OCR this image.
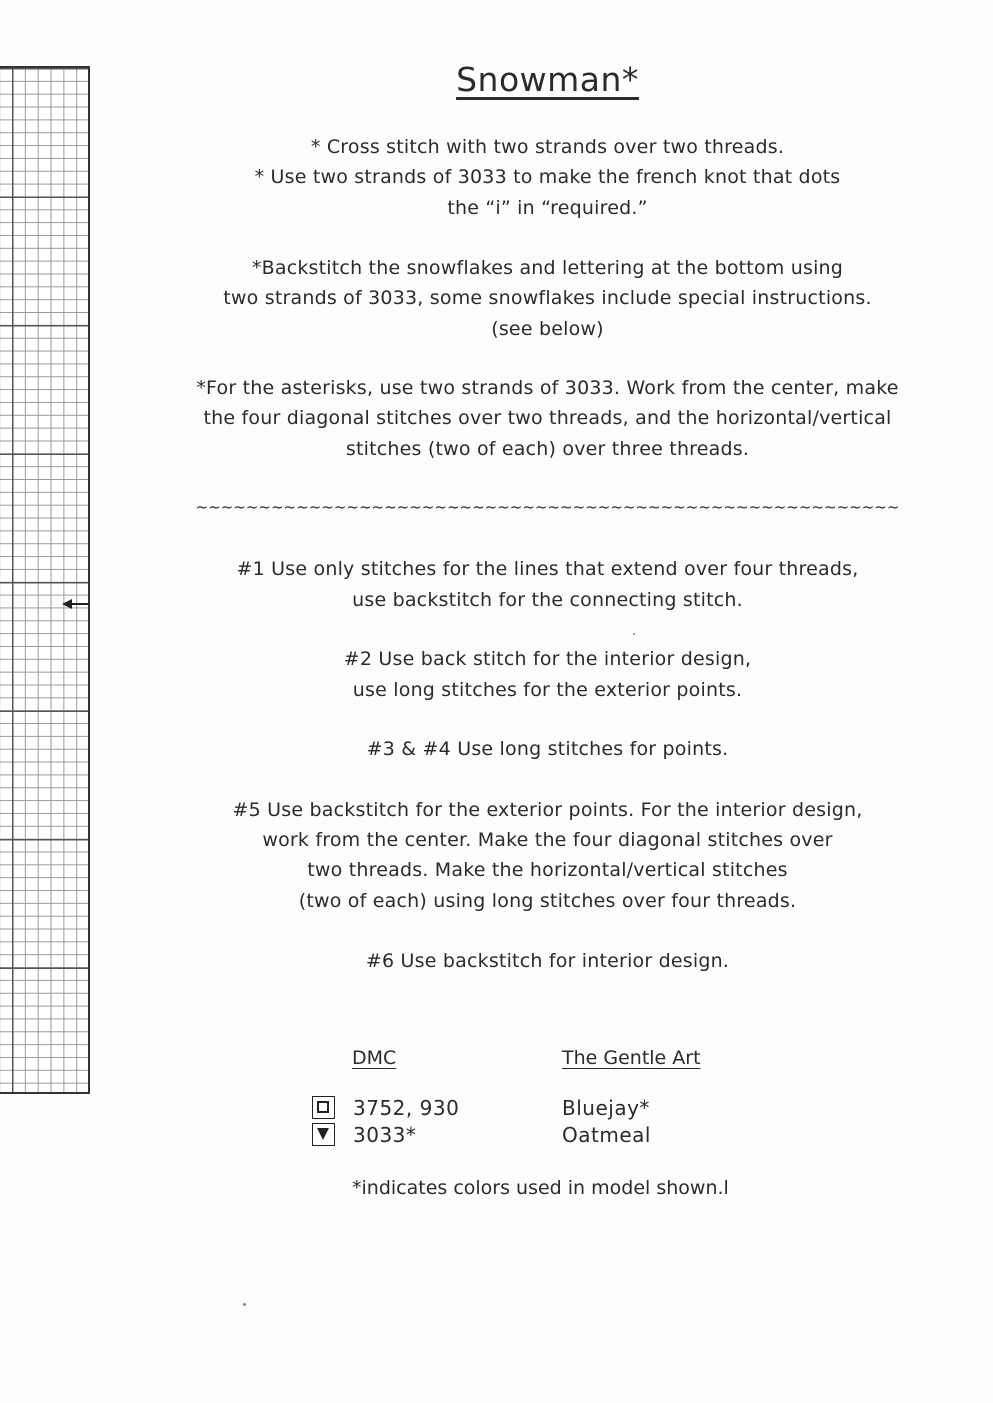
Snowman*
* Cross stitch with two strands over two threads.
* Use two strands of 3033 to make the french knot that dots
the “i” in “required.”
*Backstitch the snowflakes and lettering at the bottom using
two strands of 3033, some snowflakes include special instructions.
(see below)
*For the asterisks, use two strands of 3033. Work from the center, make
the four diagonal stitches over two threads, and the horizontal/vertical
stitches (two of each) over three threads.
~~~~~~~~~~~~~~~~~~~~~~~~~~~~~~~~~~~~~~~~~~~~~~~~~~~~~~~~
#1 Use only stitches for the lines that extend over four threads,
use backstitch for the connecting stitch.
#2 Use back stitch for the interior design,
use long stitches for the exterior points.
#3 & #4 Use long stitches for points.
#5 Use backstitch for the exterior points. For the interior design,
work from the center. Make the four diagonal stitches over
two threads. Make the horizontal/vertical stitches
(two of each) using long stitches over four threads.
#6 Use backstitch for interior design.
DMC	The Gentle Art
3752, 930	Bluejay*
3033*	Oatmeal
*indicates colors used in model shown.l
